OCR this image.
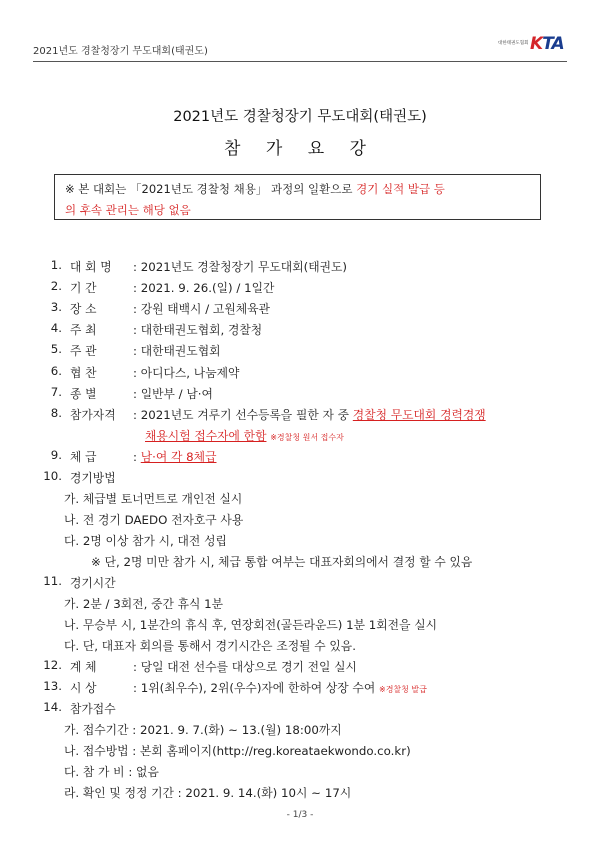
2021년도 경찰청장기 무도대회(태권도)
대한태권도협회 KTA
2021년도 경찰청장기 무도대회(태권도)
참 가 요 강
※ 본 대회는 「2021년도 경찰청 채용」 과정의 일환으로 경기 실적 발급 등
의 후속 관리는 해당 없음
1. 대 회 명 : 2021년도 경찰청장기 무도대회(태권도)
2. 기 간	: 2021. 9. 26.(일) / 1일간
3. 장 소	: 강원 태백시 / 고원체육관
4. 주 최	: 대한태권도협회, 경찰청
5. 주 관	: 대한태권도협회
6. 협 찬	: 아디다스, 나눔제약
7. 종 별	: 일반부 / 남·여
8. 참가자격 : 2021년도 겨루기 선수등록을 필한 자 중 경찰청 무도대회 경력경쟁
채용시험 접수자에 한함 ※경찰청 원서 접수자
9. 체 급	: 남·여 각 8체급
10. 경기방법
11. 경기시간
12. 계 체	: 당일 대전 선수를 대상으로 경기 전일 실시
13. 시 상	: 1위(최우수), 2위(우수)자에 한하여 상장 수여 ※경찰청 발급
14. 참가접수
가. 체급별 토너먼트로 개인전 실시
나. 전 경기 DAEDO 전자호구 사용
다. 2명 이상 참가 시, 대전 성립
※ 단, 2명 미만 참가 시, 체급 통합 여부는 대표자회의에서 결정 할 수 있음
가. 2분 / 3회전, 중간 휴식 1분
나. 무승부 시, 1분간의 휴식 후, 연장회전(골든라운드) 1분 1회전을 실시
다. 단, 대표자 회의를 통해서 경기시간은 조정될 수 있음.
가. 접수기간 : 2021. 9. 7.(화) ~ 13.(월) 18:00까지
나. 접수방법 : 본회 홈페이지(http://reg.koreataekwondo.co.kr)
다. 참 가 비 : 없음
라. 확인 및 정정 기간 : 2021. 9. 14.(화) 10시 ~ 17시
- 1/3 -
